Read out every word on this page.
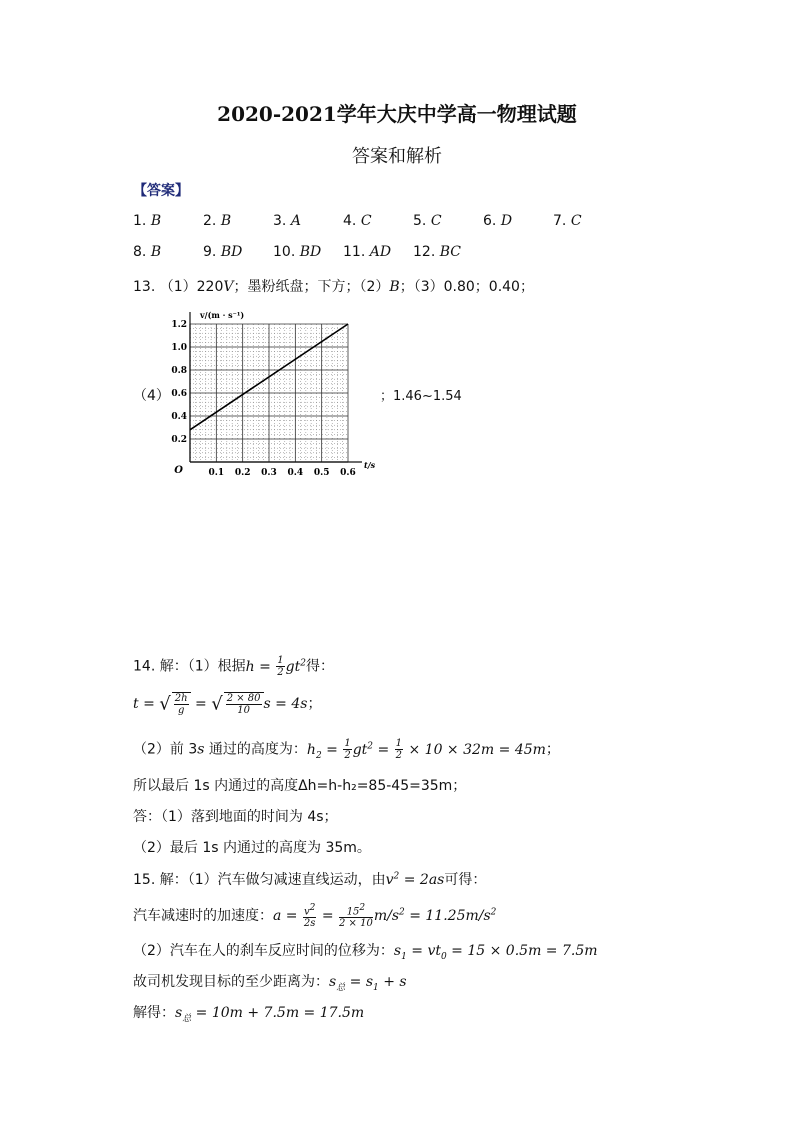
2020-2021学年大庆中学高一物理试题
答案和解析
【答案】
1. B	2. B	3. A	4. C	5. C	6. D	7. C
8. B	9. BD 10. BD 11. AD 12. BC
13. （1）220V；墨粉纸盘；下方；（2）B；（3）0.80；0.40；
（4）	；1.46~1.54
0.1 0.2 0.3 0.4 0.5 0.6
0.2
0.4
0.6
0.8
1.0
1.2
O
v/(m · s⁻¹)
t/s
14. 解：（1）根据$h = \frac{1}{2} gt^2$得：
t = √ $\frac{2h}{g}$ = √ $\frac{2 \times 80}{10}$ s = 4s；
（2）前 3s 通过的高度为：$h_2 = \frac{1}{2} gt^2 = \frac{1}{2} \times 10 \times 32m = 45m$；
所以最后 1s 内通过的高度Δh=h-h₂=85-45=35m；
答：（1）落到地面的时间为 4s；
（2）最后 1s 内通过的高度为 35m。
15. 解：（1）汽车做匀减速直线运动，由$v^2 = 2as$可得：
汽车减速时的加速度：$a = \frac{v^2}{2s} = \frac{15^2}{2 \times 10} m/s^2 = 11.25m/s^2$
（2）汽车在人的刹车反应时间的位移为：$s_1 = vt_0 = 15 \times 0.5m = 7.5m$
故司机发现目标的至少距离为：$s_总 = s_1 + s$
解得：$s_总 = 10m + 7.5m = 17.5m$
